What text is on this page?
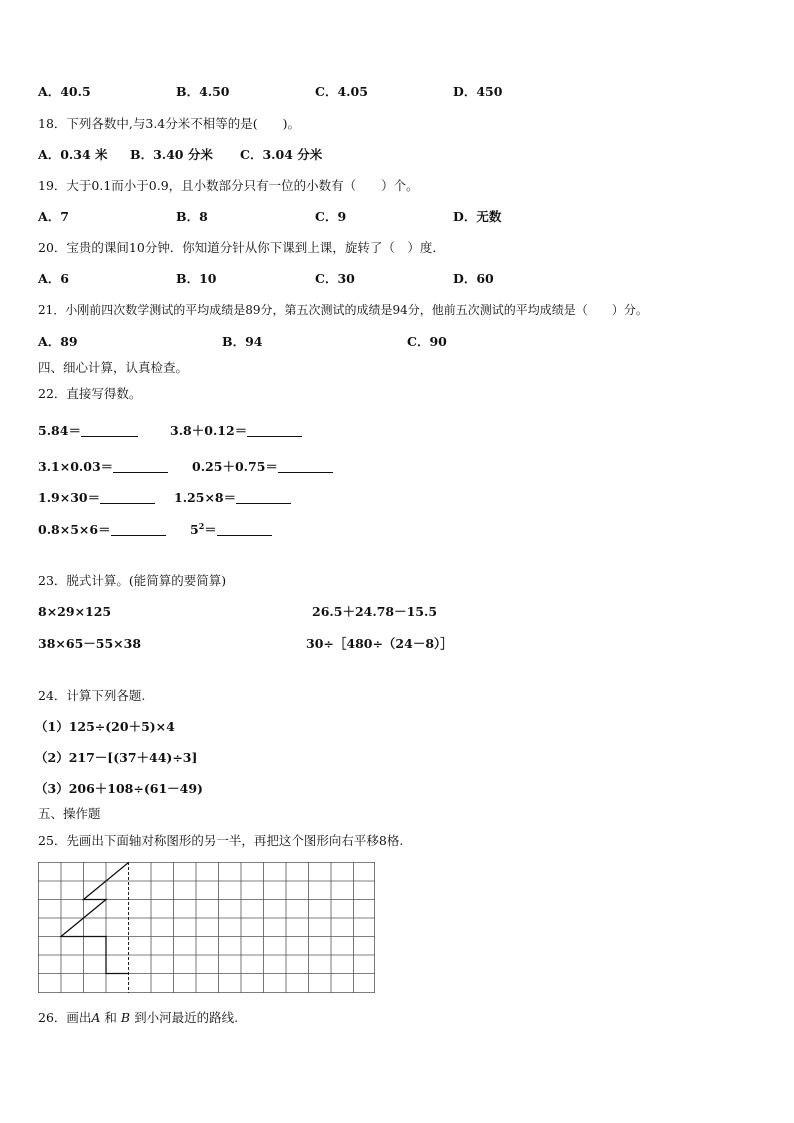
A．40.5	B．4.50	C．4.05	D．450
18．下列各数中,与3.4分米不相等的是(　　)。
A．0.34 米 B．3.40 分米 C．3.04 分米
19．大于0.1而小于0.9，且小数部分只有一位的小数有（　　）个。
A．7	B．8	C．9	D．无数
20．宝贵的课间10分钟．你知道分针从你下课到上课，旋转了（　）度．
A．6	B．10	C．30	D．60
21．小刚前四次数学测试的平均成绩是89分，第五次测试的成绩是94分，他前五次测试的平均成绩是（　　）分。
A．89	B．94	C．90
四、细心计算，认真检查。
22．直接写得数。
5.84＝	3.8＋0.12＝
3.1×0.03＝	0.25＋0.75＝
1.9×30＝	1.25×8＝
0.8×5×6＝	$5^2=$
23．脱式计算。(能简算的要简算)
8×29×125	26.5＋24.78－15.5
38×65－55×38	30÷［480÷（24－8）］
24．计算下列各题.
（1）125÷(20＋5)×4
（2）217－[(37＋44)÷3]
（3）206＋108÷(61－49)
五、操作题
25．先画出下面轴对称图形的另一半，再把这个图形向右平移8格.
26．画出A 和 B 到小河最近的路线.
